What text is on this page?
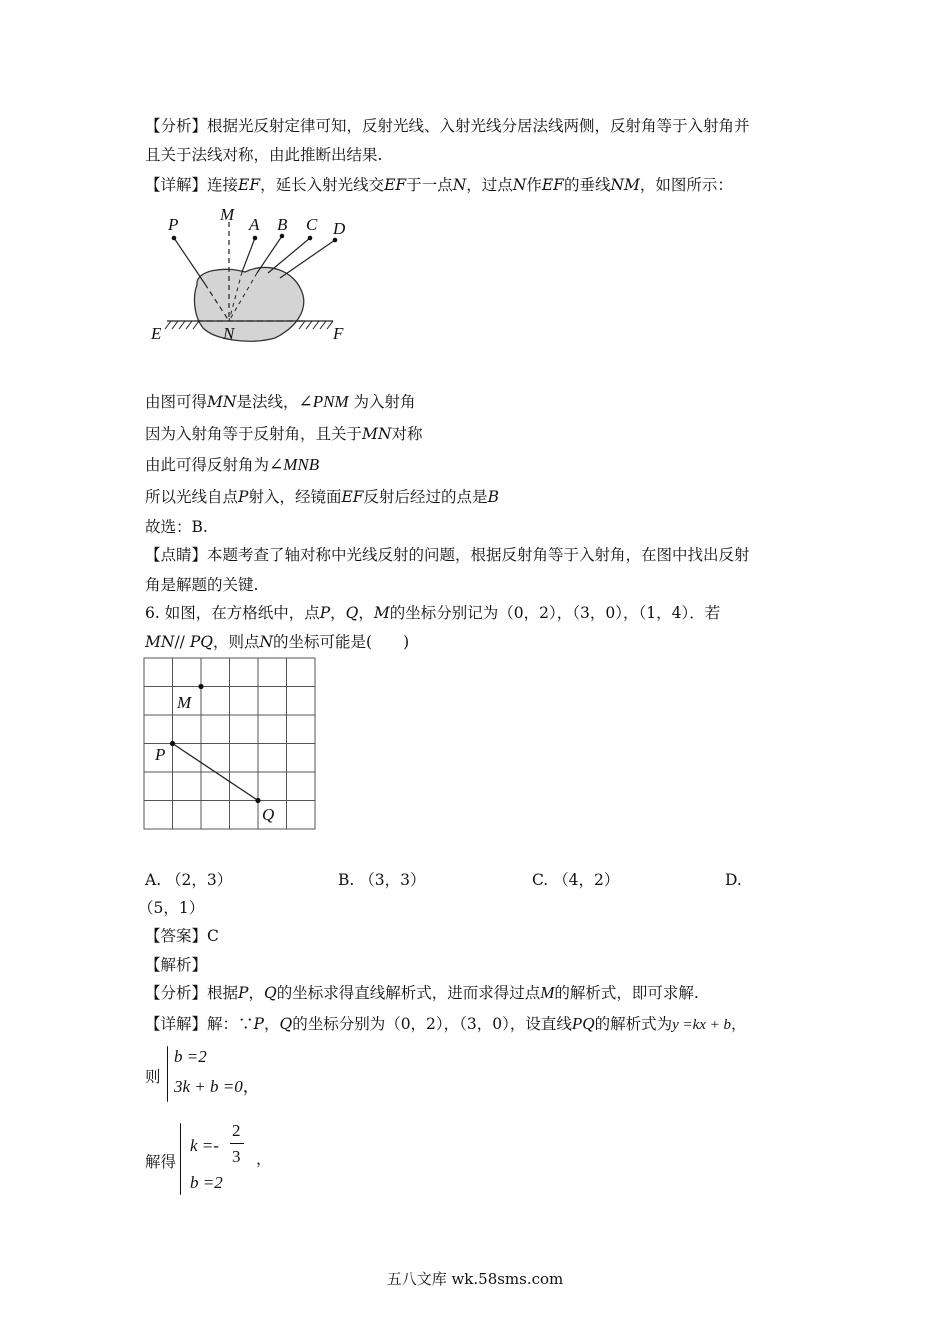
【分析】根据光反射定律可知，反射光线、入射光线分居法线两侧，反射角等于入射角并
且关于法线对称，由此推断出结果.
【详解】连接EF，延长入射光线交EF于一点N，过点N作EF的垂线NM，如图所示：
P
M
A B C D
E	N	F
由图可得MN是法线，∠PNM 为入射角
因为入射角等于反射角，且关于MN对称
由此可得反射角为∠MNB
所以光线自点P射入，经镜面EF反射后经过的点是B
故选：B.
【点睛】本题考查了轴对称中光线反射的问题，根据反射角等于入射角，在图中找出反射
角是解题的关键.
6. 如图，在方格纸中，点P，Q，M的坐标分别记为（0，2），（3，0），（1，4）．若
MN// PQ，则点N的坐标可能是(　　)
M
P
Q
A. （2，3）	B. （3，3）	C. （4，2）	D.
（5，1）
【答案】C
【解析】
【分析】根据P，Q的坐标求得直线解析式，进而求得过点M的解析式，即可求解.
【详解】解：∵P，Q的坐标分别为（0，2），（3，0），设直线PQ的解析式为y =kx + b，
则
b =2
3k + b =0，
解得
k =-
2
3 ，
b =2
五八文库 wk.58sms.com
